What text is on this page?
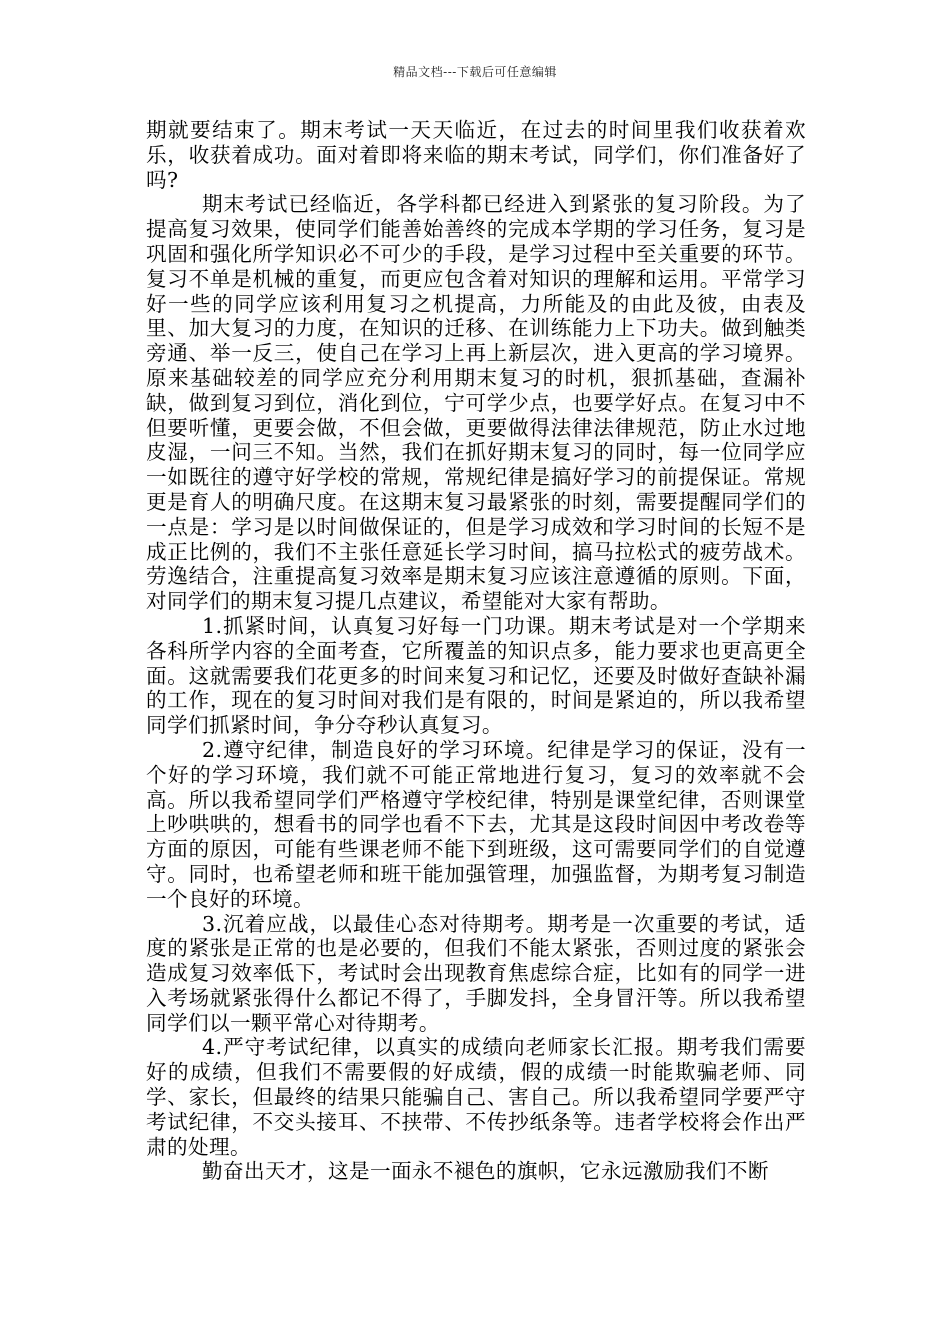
精品文档---下载后可任意编辑

期就要结束了。期末考试一天天临近，在过去的时间里我们收获着欢乐，收获着成功。面对着即将来临的期末考试，同学们，你们准备好了吗?

期末考试已经临近，各学科都已经进入到紧张的复习阶段。为了提高复习效果，使同学们能善始善终的完成本学期的学习任务，复习是巩固和强化所学知识必不可少的手段，是学习过程中至关重要的环节。复习不单是机械的重复，而更应包含着对知识的理解和运用。平常学习好一些的同学应该利用复习之机提高，力所能及的由此及彼，由表及里、加大复习的力度，在知识的迁移、在训练能力上下功夫。做到触类旁通、举一反三，使自己在学习上再上新层次，进入更高的学习境界。原来基础较差的同学应充分利用期末复习的时机，狠抓基础，查漏补缺，做到复习到位，消化到位，宁可学少点，也要学好点。在复习中不但要听懂，更要会做，不但会做，更要做得法律法律规范，防止水过地皮湿，一问三不知。当然，我们在抓好期末复习的同时，每一位同学应一如既往的遵守好学校的常规，常规纪律是搞好学习的前提保证。常规更是育人的明确尺度。在这期末复习最紧张的时刻，需要提醒同学们的一点是：学习是以时间做保证的，但是学习成效和学习时间的长短不是成正比例的，我们不主张任意延长学习时间，搞马拉松式的疲劳战术。劳逸结合，注重提高复习效率是期末复习应该注意遵循的原则。下面，对同学们的期末复习提几点建议，希望能对大家有帮助。

1.抓紧时间，认真复习好每一门功课。期末考试是对一个学期来各科所学内容的全面考查，它所覆盖的知识点多，能力要求也更高更全面。这就需要我们花更多的时间来复习和记忆，还要及时做好查缺补漏的工作，现在的复习时间对我们是有限的，时间是紧迫的，所以我希望同学们抓紧时间，争分夺秒认真复习。

2.遵守纪律，制造良好的学习环境。纪律是学习的保证，没有一个好的学习环境，我们就不可能正常地进行复习，复习的效率就不会高。所以我希望同学们严格遵守学校纪律，特别是课堂纪律，否则课堂上吵哄哄的，想看书的同学也看不下去，尤其是这段时间因中考改卷等方面的原因，可能有些课老师不能下到班级，这可需要同学们的自觉遵守。同时，也希望老师和班干能加强管理，加强监督，为期考复习制造一个良好的环境。

3.沉着应战，以最佳心态对待期考。期考是一次重要的考试，适度的紧张是正常的也是必要的，但我们不能太紧张，否则过度的紧张会造成复习效率低下，考试时会出现教育焦虑综合症，比如有的同学一进入考场就紧张得什么都记不得了，手脚发抖，全身冒汗等。所以我希望同学们以一颗平常心对待期考。

4.严守考试纪律，以真实的成绩向老师家长汇报。期考我们需要好的成绩，但我们不需要假的好成绩，假的成绩一时能欺骗老师、同学、家长，但最终的结果只能骗自己、害自己。所以我希望同学要严守考试纪律，不交头接耳、不挟带、不传抄纸条等。违者学校将会作出严肃的处理。

勤奋出天才，这是一面永不褪色的旗帜，它永远激励我们不断
